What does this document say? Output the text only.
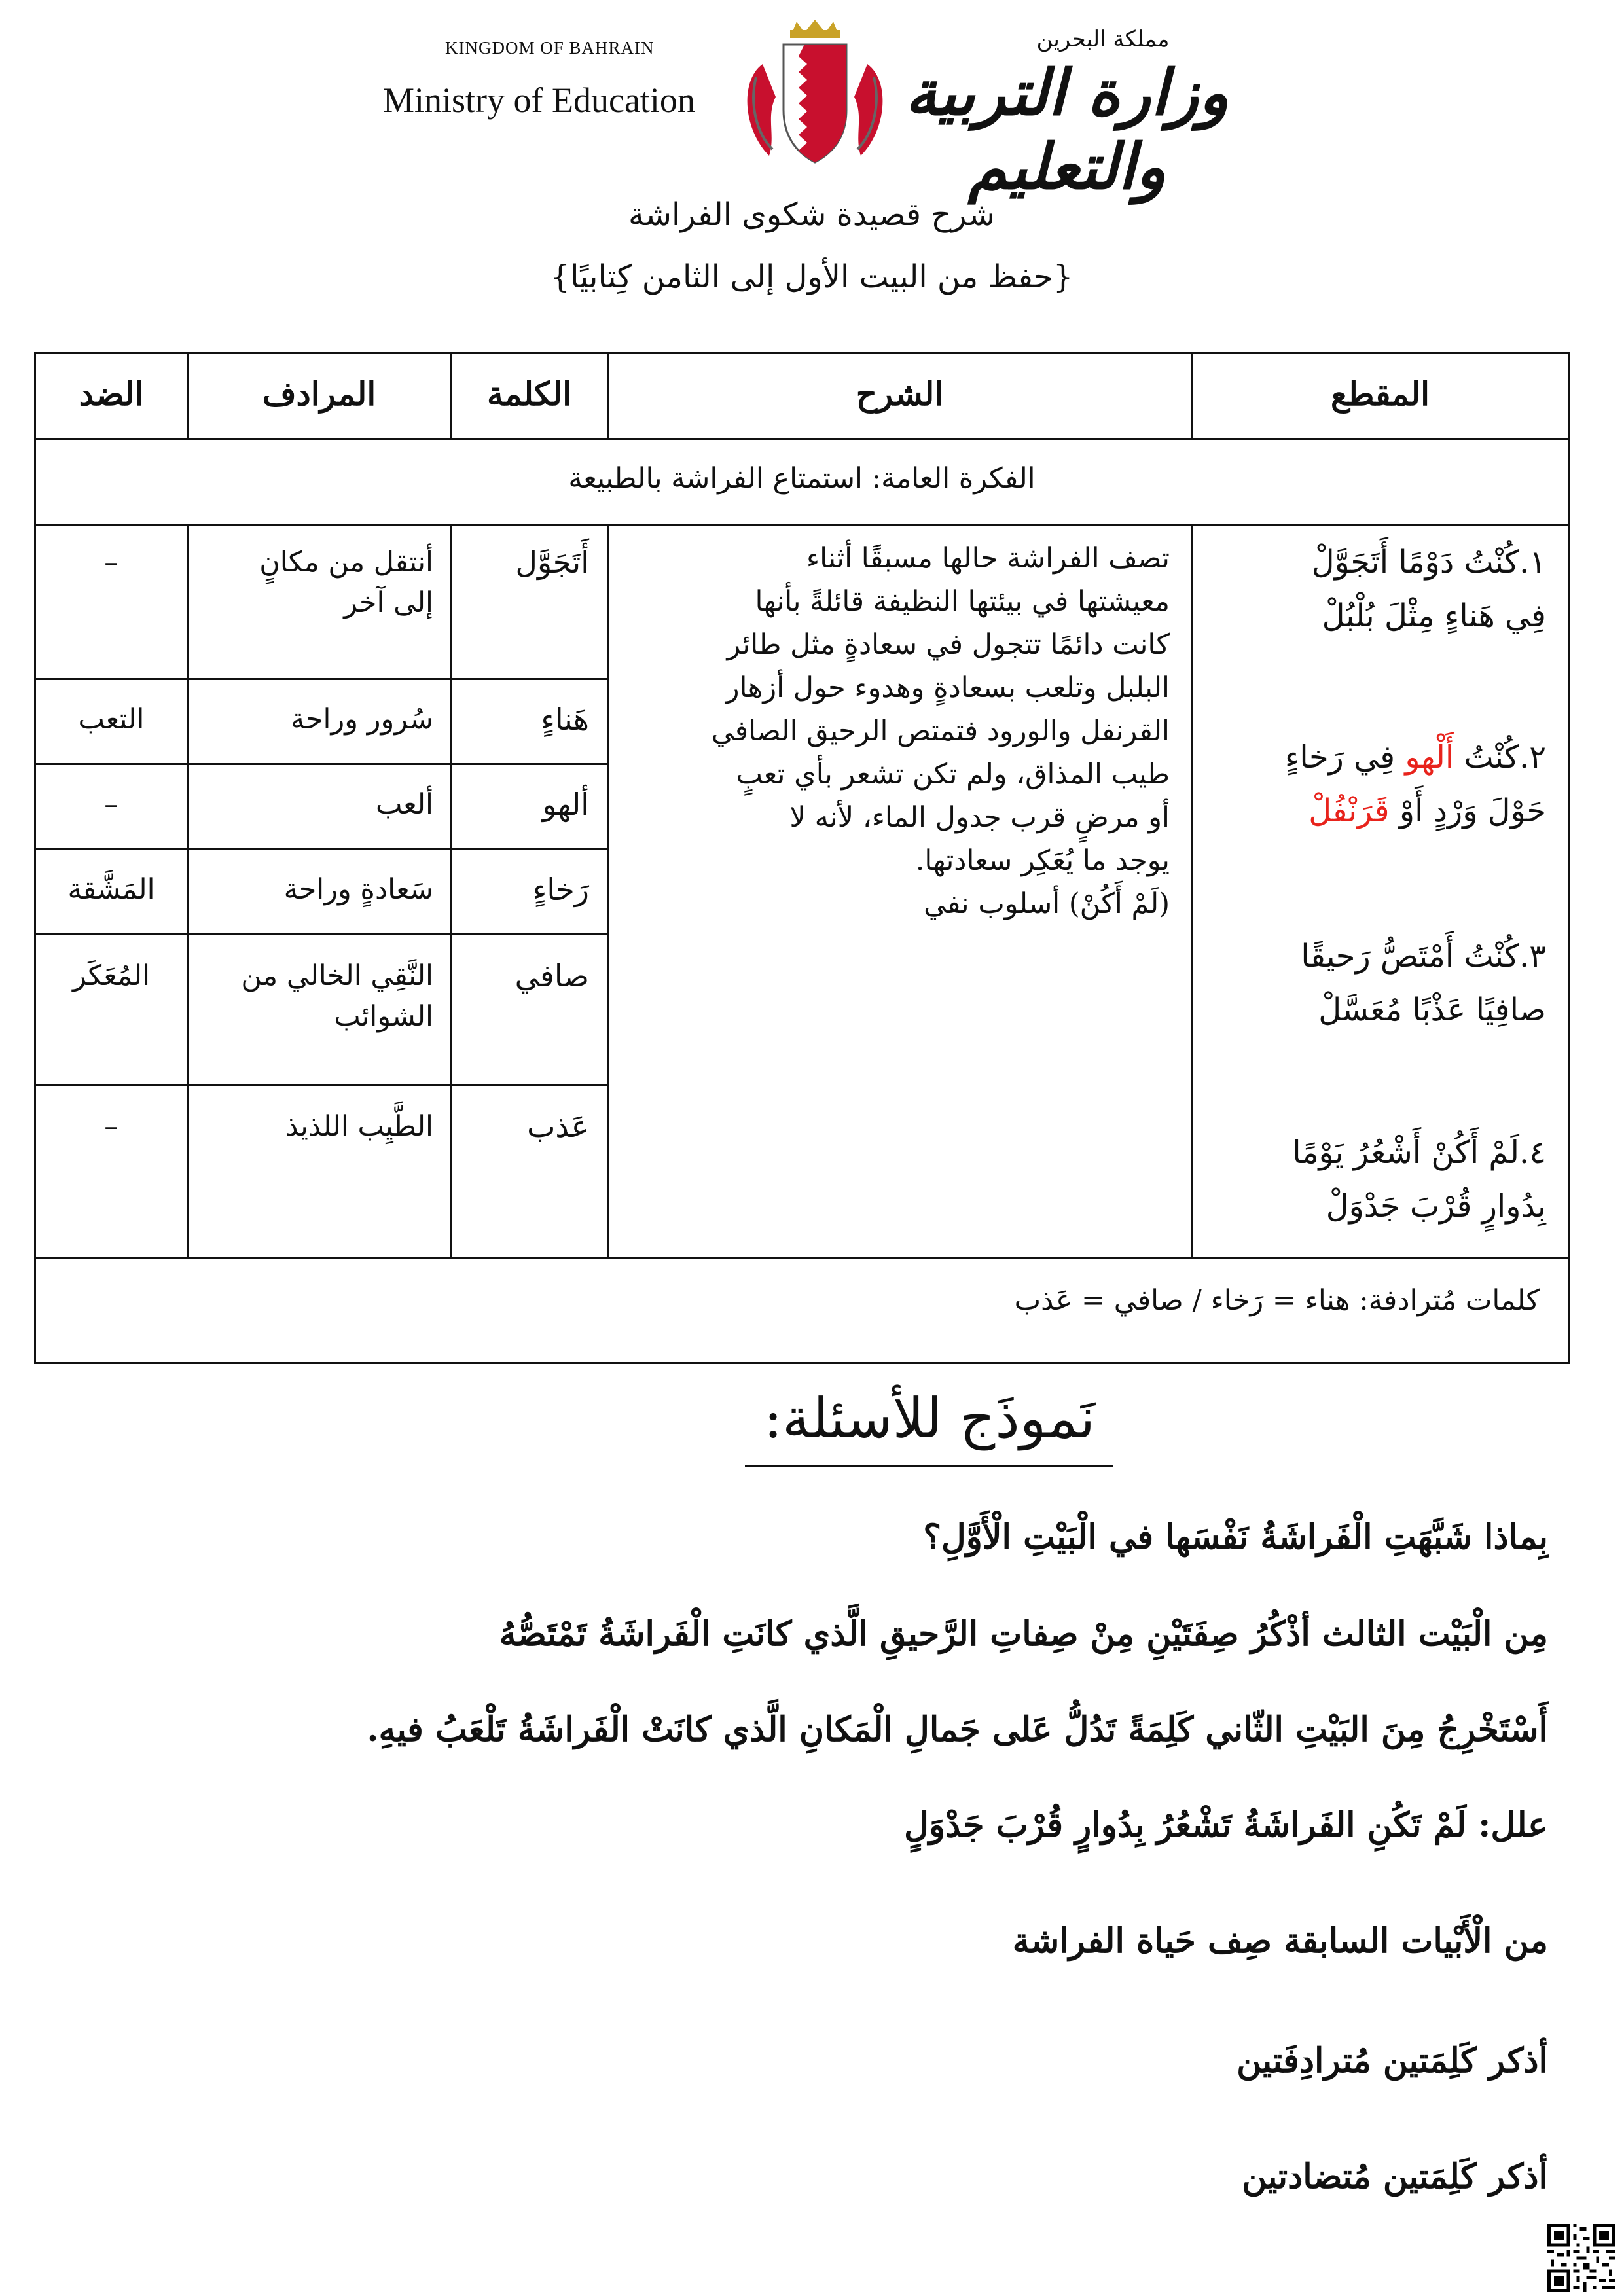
KINGDOM OF BAHRAIN
Ministry of Education
مملكة البحرين
وزارة التربية والتعليم
شرح قصيدة شكوى الفراشة
{حفظ من البيت الأول إلى الثامن كِتابيًا}
المقطع
الشرح
الكلمة
المرادف
الضد
الفكرة العامة: استمتاع الفراشة بالطبيعة
١.كُنْتُ دَوْمًا أَتَجَوَّلْ
فِي هَناءٍ مِثْلَ بُلْبُلْ
٢.كُنْتُ أَلْهو فِي رَخاءٍ
حَوْلَ وَرْدٍ أَوْ قَرَنْفُلْ
٣.كُنْتُ أَمْتَصُّ رَحيقًا
صافِيًا عَذْبًا مُعَسَّلْ
٤.لَمْ أَكُنْ أَشْعُرُ يَوْمًا
بِدُوارٍ قُرْبَ جَدْوَلْ
تصف الفراشة حالها مسبقًا أثناء
معيشتها في بيئتها النظيفة قائلةً بأنها
كانت دائمًا تتجول في سعادةٍ مثل طائر
البلبل وتلعب بسعادةٍ وهدوء حول أزهار
القرنفل والورود فتمتص الرحيق الصافي
طيب المذاق، ولم تكن تشعر بأي تعبٍ
أو مرضٍ قرب جدول الماء، لأنه لا
يوجد ما يُعَكِر سعادتها.
(لَمْ أَكُنْ) أسلوب نفي
أَتَجَوَّل
أنتقل من مكانٍ
إلى آخر
–
هَناءٍ
سُرور وراحة
التعب
ألهو
ألعب
–
رَخاءٍ
سَعادةٍ وراحة
المَشَّقة
صافي
النَّقِي الخالي من
الشوائب
المُعَكَر
عَذب
الطَّيِب اللذيذ
–
كلمات مُترادفة: هناء = رَخاء / صافي = عَذب
نَموذَج للأسئلة:
بِماذا شَبَّهَتِ الْفَراشَةُ نَفْسَها في الْبَيْتِ الْأَوَّلِ؟
مِن الْبَيْت الثالث أذْكُرُ صِفَتَيْنِ مِنْ صِفاتِ الرَّحيقِ الَّذي كانَتِ الْفَراشَةُ تَمْتَصُّهُ
أَسْتَخْرِجُ مِنَ البَيْتِ الثّاني كَلِمَةً تَدُلُّ عَلى جَمالِ الْمَكانِ الَّذي كانَتْ الْفَراشَةُ تَلْعَبُ فيهِ.
علل: لَمْ تَكُنِ الفَراشَةُ تَشْعُرُ بِدُوارٍ قُرْبَ جَدْوَلٍ
من الْأَبْيات السابقة صِف حَياة الفراشة
أذكر كَلِمَتين مُترادِفَتين
أذكر كَلِمَتين مُتضادتين
